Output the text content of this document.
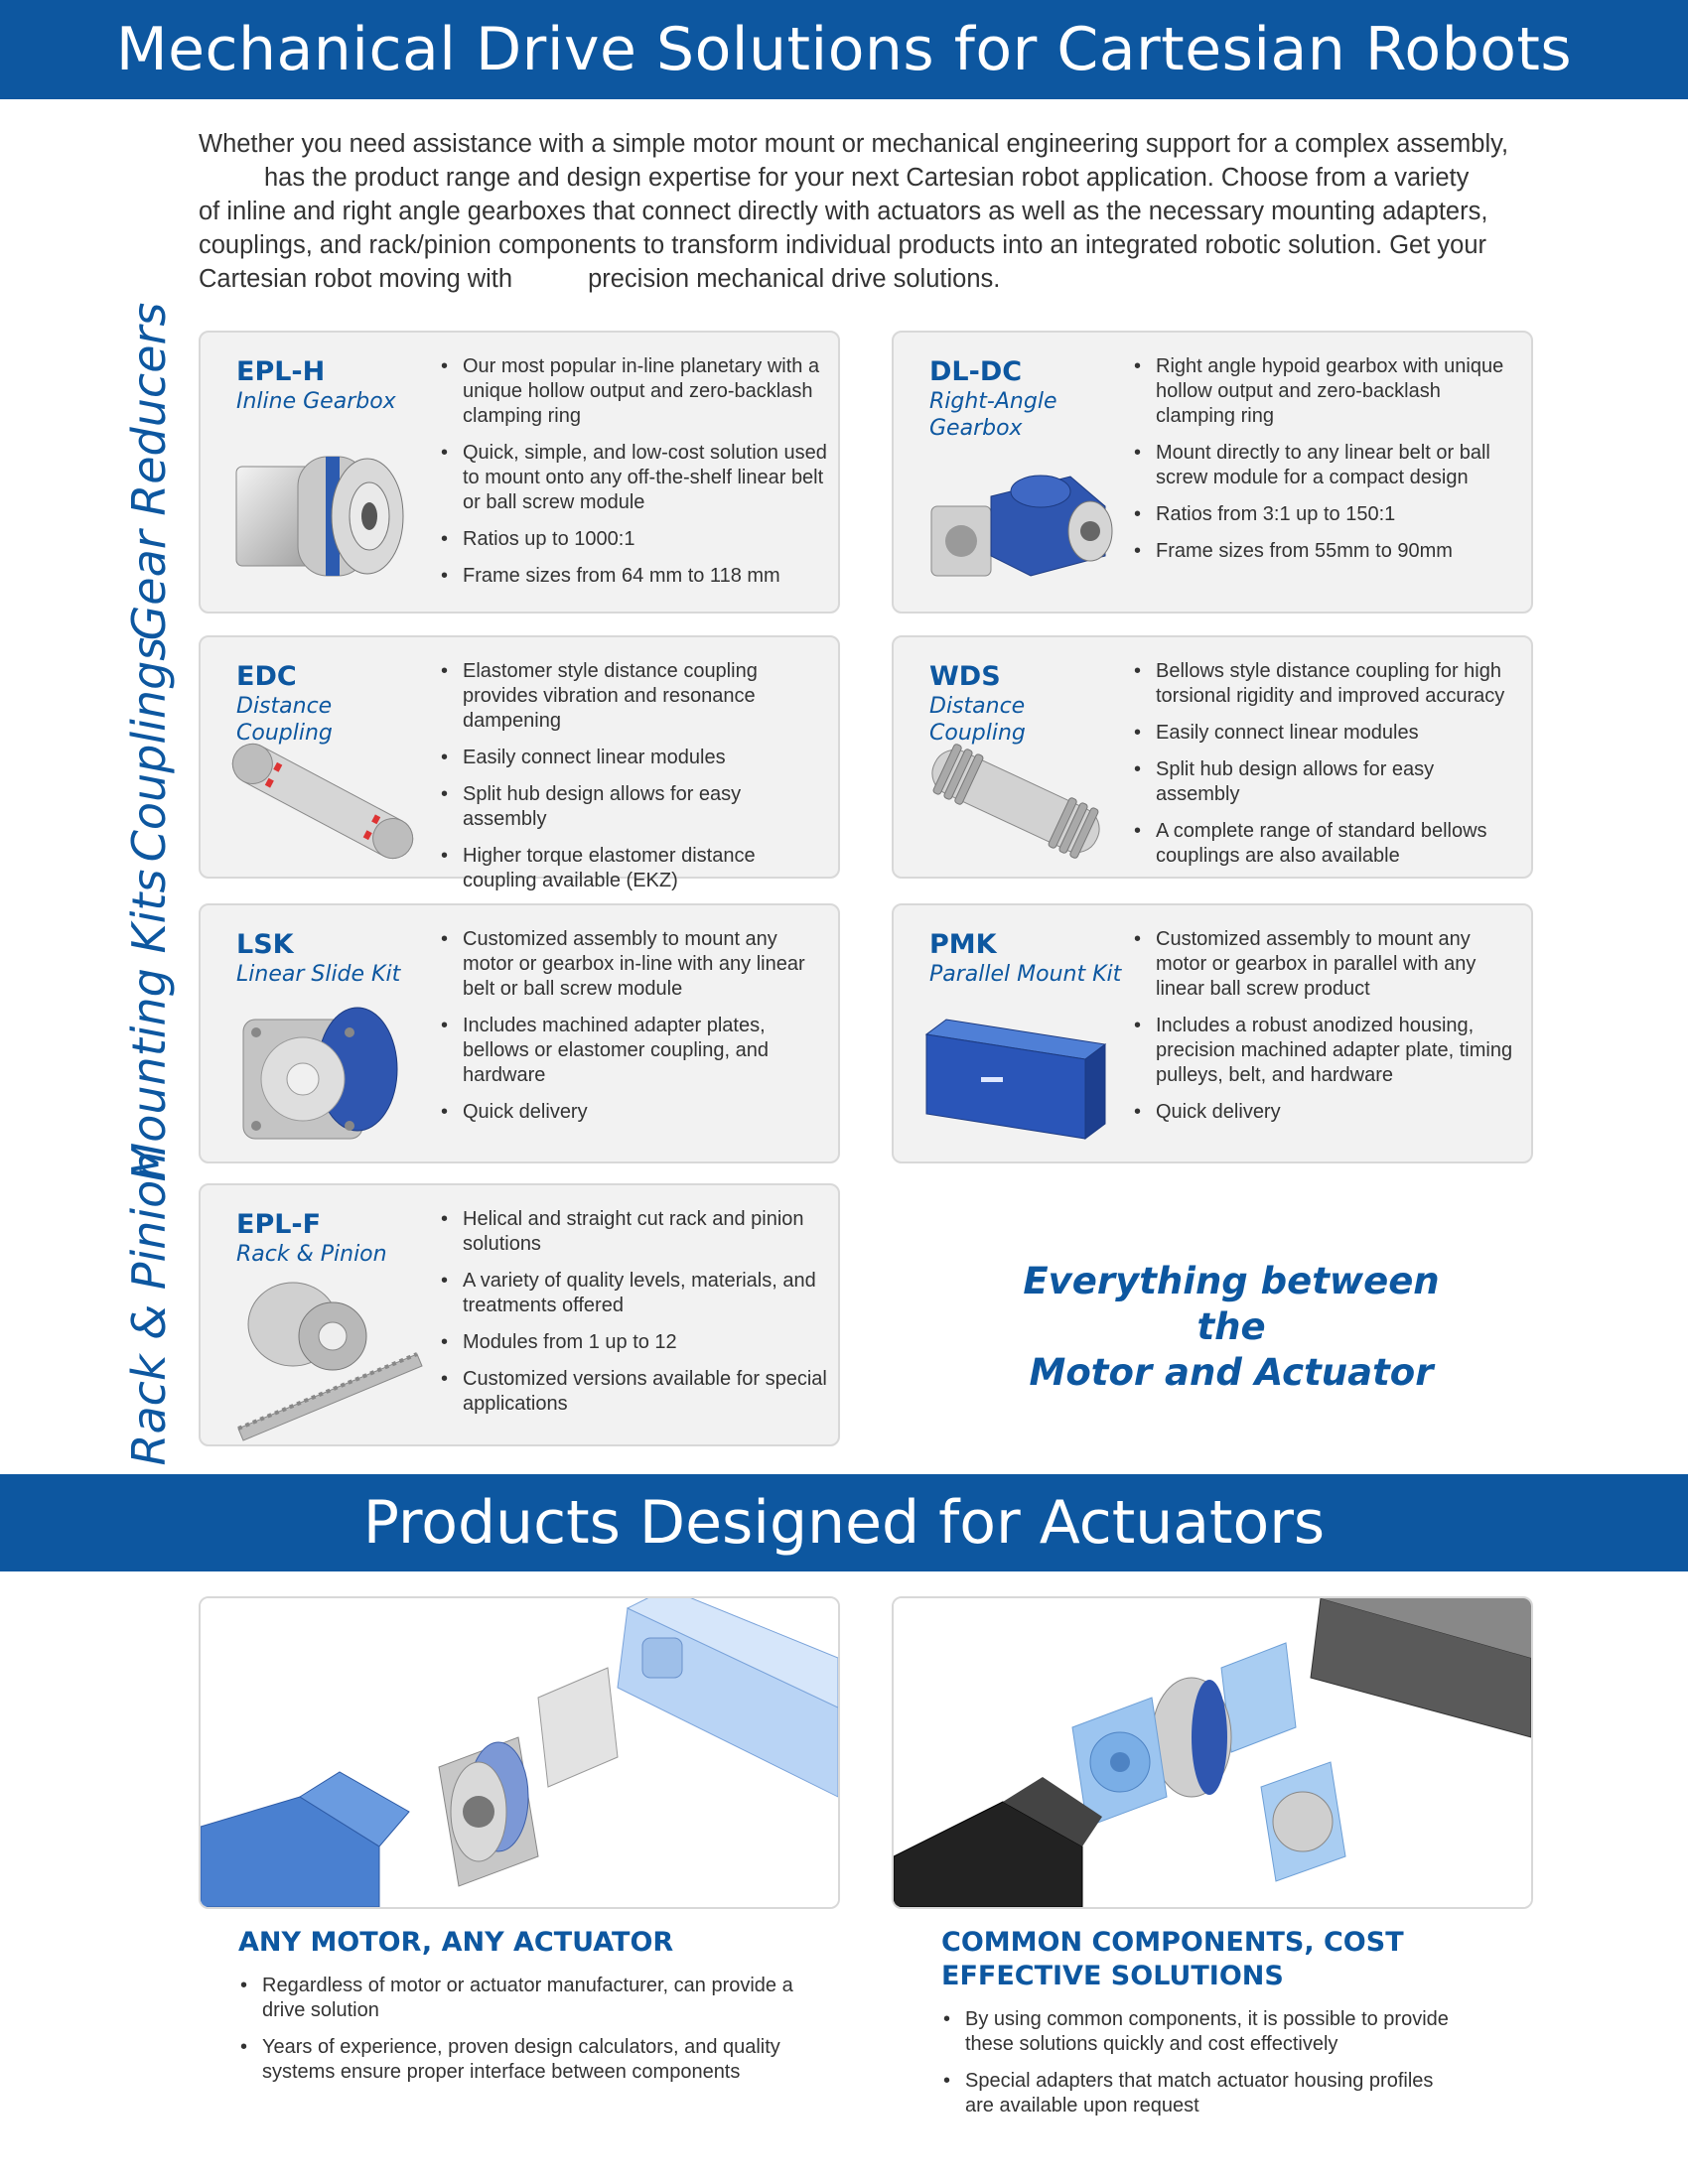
Mechanical Drive Solutions for Cartesian Robots

Whether you need assistance with a simple motor mount or mechanical engineering support for a complex assembly,

has the product range and design expertise for your next Cartesian robot application. Choose from a variety

of inline and right angle gearboxes that connect directly with actuators as well as the necessary mounting adapters,

couplings, and rack/pinion components to transform individual products into an integrated robotic solution. Get your

Cartesian robot moving with	precision mechanical drive solutions.

Gear Reducers
Couplings
Mounting Kits
Rack & Pinion
EPL-H
Inline Gearbox
• Our most popular in-line planetary with a unique hollow output and zero-backlash clamping ring
• Quick, simple, and low-cost solution used to mount onto any off-the-shelf linear belt or ball screw module
• Ratios up to 1000:1
• Frame sizes from 64 mm to 118 mm
DL-DC
Right-Angle Gearbox
• Right angle hypoid gearbox with unique hollow output and zero-backlash clamping ring
• Mount directly to any linear belt or ball screw module for a compact design
• Ratios from 3:1 up to 150:1
• Frame sizes from 55mm to 90mm
EDC
Distance Coupling
• Elastomer style distance coupling provides vibration and resonance dampening
• Easily connect linear modules
• Split hub design allows for easy assembly
• Higher torque elastomer distance coupling available (EKZ)
WDS
Distance Coupling
• Bellows style distance coupling for high torsional rigidity and improved accuracy
• Easily connect linear modules
• Split hub design allows for easy assembly
• A complete range of standard bellows couplings are also available
LSK
Linear Slide Kit
• Customized assembly to mount any motor or gearbox in-line with any linear belt or ball screw module
• Includes machined adapter plates, bellows or elastomer coupling, and hardware
• Quick delivery
PMK
Parallel Mount Kit
• Customized assembly to mount any motor or gearbox in parallel with any linear ball screw product
• Includes a robust anodized housing, precision machined adapter plate, timing pulleys, belt, and hardware
• Quick delivery
EPL-F
Rack & Pinion
• Helical and straight cut rack and pinion solutions
• A variety of quality levels, materials, and treatments offered
• Modules from 1 up to 12
• Customized versions available for special applications
Everything between the
Motor and Actuator
Products Designed for Actuators
ANY MOTOR, ANY ACTUATOR
• Regardless of motor or actuator manufacturer, can provide a drive solution
• Years of experience, proven design calculators, and quality systems ensure proper interface between components
COMMON COMPONENTS, COST EFFECTIVE SOLUTIONS
• By using common components, it is possible to provide these solutions quickly and cost effectively
• Special adapters that match actuator housing profiles are available upon request
